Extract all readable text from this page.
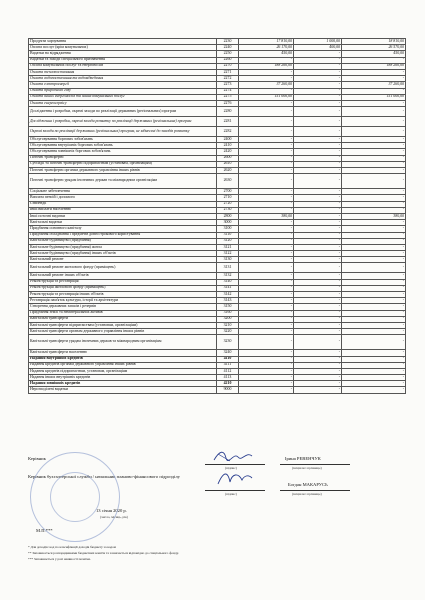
Продукти харчування	2230	17 810,00	1 000,00	18 810,00
Оплата послуг (крім комунальних)	2240	26 170,00	400,00	26 570,00
Видатки на відрядження	2250	450,00	-	450,00
Видатки та заходи спеціального призначення	2260	-	-	-
Оплата комунальних послуг та енергоносіїв	2270	188 260,00	-	188 260,00
Оплата теплопостачання	2271	-	-	-
Оплата водопостачання та водовідведення	2272	-	-	-
Оплата електроенергії	2273	37 260,00	-	37 260,00
Оплата природного газу	2274	-	-	-
Оплата інших енергоносіїв та інших комунальних послуг	2275	151 000,00	-	151 000,00
Оплата енергосервісу	2276	-	-	-
Дослідження і розробки, окремі заходи по реалізації державних (регіональних) програм	2280	-	-	-
Дослідження і розробки, окремі заходи розвитку по реалізації державних (регіональних) програм	2281	-	-	-
Окремі заходи по реалізації державних (регіональних) програм, не віднесені до заходів розвитку	2282	-	-	-
Обслуговування боргових зобов'язань	2400	-	-	-
Обслуговування внутрішніх боргових зобов'язань	2410	-	-	-
Обслуговування зовнішніх боргових зобов'язань	2420	-	-	-
Поточні трансферти	2600	-	-	-
Субсидії та поточні трансферти підприємствам (установам, організаціям)	2610	-	-	-
Поточні трансферти органам державного управління інших рівнів	2620	-	-	-
Поточні трансферти урядам іноземних держав та міжнародним організаціям	2630	-	-	-
Соціальне забезпечення	2700	-	-	-
Виплата пенсій і допомоги	2710	-	-	-
Стипендії	2720	-	-	-
Інші виплати населенню	2730	-	-	-
Інші поточні видатки	2800	380,00	-	380,00
Капітальні видатки	3000	-	-	-
Придбання основного капіталу	3100	-	-	-
Придбання обладнання і предметів довгострокового користування	3110	-	-	-
Капітальне будівництво (придбання)	3120	-	-	-
Капітальне будівництво (придбання) житла	3121	-	-	-
Капітальне будівництво (придбання) інших об'єктів	3122	-	-	-
Капітальний ремонт	3130	-	-	-
Капітальний ремонт житлового фонду (приміщень)	3131	-	-	-
Капітальний ремонт інших об'єктів	3132	-	-	-
Реконструкція та реставрація	3140	-	-	-
Реконструкція житлового фонду (приміщень)	3141	-	-	-
Реконструкція та реставрація інших об'єктів	3142	-	-	-
Реставрація пам'яток культури, історії та архітектури	3143	-	-	-
Створення державних запасів і резервів	3150	-	-	-
Придбання землі та нематеріальних активів	3160	-	-	-
Капітальні трансферти	3200	-	-	-
Капітальні трансферти підприємствам (установам, організаціям)	3210	-	-	-
Капітальні трансферти органам державного управління інших рівнів	3220	-	-	-
Капітальні трансферти урядам іноземних держав та міжнародним організаціям	3230	-	-	-
Капітальні трансферти населенню	3240	-	-	-
Надання внутрішніх кредитів	4110	-	-	-
Надання кредитів органам державного управління інших рівнів	4111	-	-	-
Надання кредитів підприємствам, установам, організаціям	4112	-	-	-
Надання інших внутрішніх кредитів	4113	-	-	-
Надання зовнішніх кредитів	4210	-	-	-
Нерозподілені видатки	9000	-	-	-
Керівник
(підпис)
Ірина РЕВЕНЧУК
(ініціали і прізвище)
Керівник бухгалтерської служби / начальник планово-фінансового підрозділу
(підпис)
Богдан МАКАРУСЬ
(ініціали і прізвище)
13 січня 2020 р.
(число, місяць, рік)
М.П.***
* Для доходів: код по класифікації доходів бюджету за кодом
** Заповнюється розпорядниками бюджетних коштів та зазначається відповідно до спеціального фонду.
*** Заповнюється у разі наявності печатки.
